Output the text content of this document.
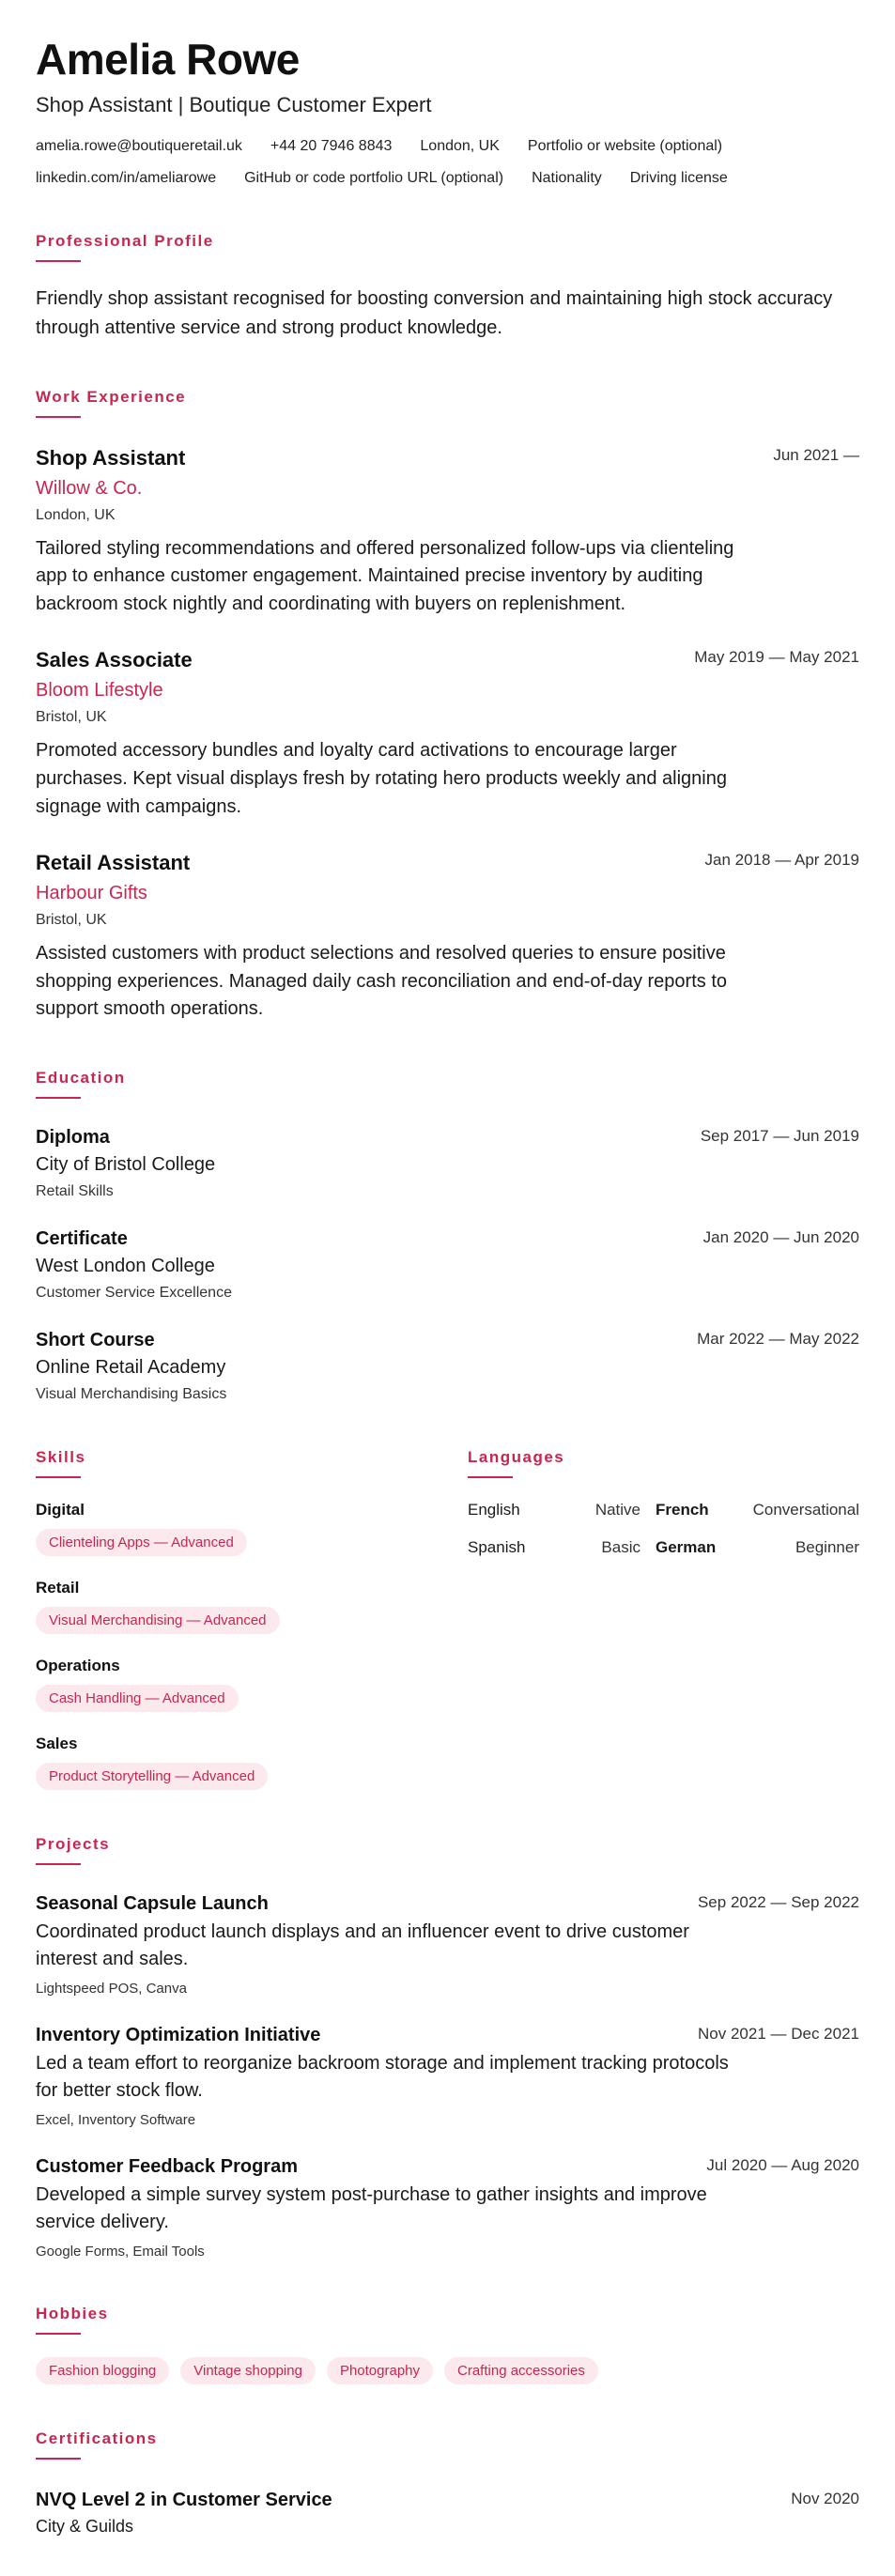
Amelia Rowe
Shop Assistant | Boutique Customer Expert
amelia.rowe@boutiqueretail.uk +44 20 7946 8843 London, UK Portfolio or website (optional)
linkedin.com/in/ameliarowe GitHub or code portfolio URL (optional) Nationality Driving license
Professional Profile
Friendly shop assistant recognised for boosting conversion and maintaining high stock accuracy through attentive service and strong product knowledge.
Work Experience
Shop Assistant	Jun 2021 —
Willow & Co.
London, UK
Tailored styling recommendations and offered personalized follow-ups via clienteling app to enhance customer engagement. Maintained precise inventory by auditing backroom stock nightly and coordinating with buyers on replenishment.
Sales Associate	May 2019 — May 2021
Bloom Lifestyle
Bristol, UK
Promoted accessory bundles and loyalty card activations to encourage larger purchases. Kept visual displays fresh by rotating hero products weekly and aligning signage with campaigns.
Retail Assistant	Jan 2018 — Apr 2019
Harbour Gifts
Bristol, UK
Assisted customers with product selections and resolved queries to ensure positive shopping experiences. Managed daily cash reconciliation and end-of-day reports to support smooth operations.
Education
Diploma	Sep 2017 — Jun 2019
City of Bristol College
Retail Skills
Certificate	Jan 2020 — Jun 2020
West London College
Customer Service Excellence
Short Course	Mar 2022 — May 2022
Online Retail Academy
Visual Merchandising Basics
Skills
Digital
Clienteling Apps — Advanced
Retail
Visual Merchandising — Advanced
Operations
Cash Handling — Advanced
Sales
Product Storytelling — Advanced
Languages
English	Native French	Conversational
Spanish	Basic German	Beginner
Projects
Seasonal Capsule Launch	Sep 2022 — Sep 2022
Coordinated product launch displays and an influencer event to drive customer interest and sales.
Lightspeed POS, Canva
Inventory Optimization Initiative	Nov 2021 — Dec 2021
Led a team effort to reorganize backroom storage and implement tracking protocols for better stock flow.
Excel, Inventory Software
Customer Feedback Program	Jul 2020 — Aug 2020
Developed a simple survey system post-purchase to gather insights and improve service delivery.
Google Forms, Email Tools
Hobbies
Fashion blogging	Vintage shopping	Photography	Crafting accessories
Certifications
NVQ Level 2 in Customer Service	Nov 2020
City & Guilds
